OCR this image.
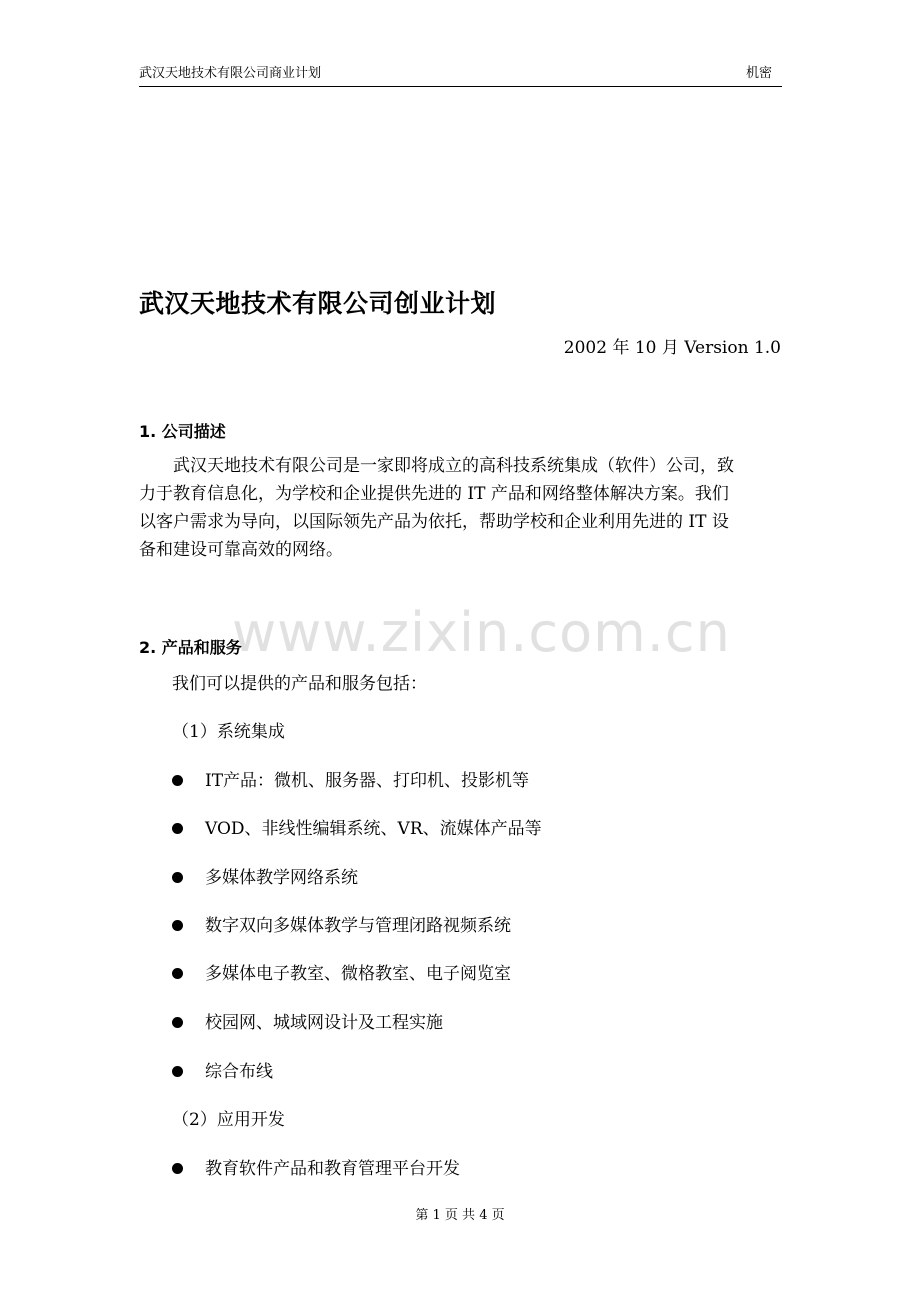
武汉天地技术有限公司商业计划	机密
武汉天地技术有限公司创业计划
2002 年 10 月 Version 1.0
1. 公司描述

　　武汉天地技术有限公司是一家即将成立的高科技系统集成（软件）公司，致
力于教育信息化，为学校和企业提供先进的 IT 产品和网络整体解决方案。我们
以客户需求为导向，以国际领先产品为依托，帮助学校和企业利用先进的 IT 设
备和建设可靠高效的网络。

www.zixin.com.cn
2. 产品和服务
我们可以提供的产品和服务包括：
（1）系统集成
IT产品：微机、服务器、打印机、投影机等
VOD、非线性编辑系统、VR、流媒体产品等
多媒体教学网络系统
数字双向多媒体教学与管理闭路视频系统
多媒体电子教室、微格教室、电子阅览室
校园网、城域网设计及工程实施
综合布线
（2）应用开发
教育软件产品和教育管理平台开发
第 1 页 共 4 页
